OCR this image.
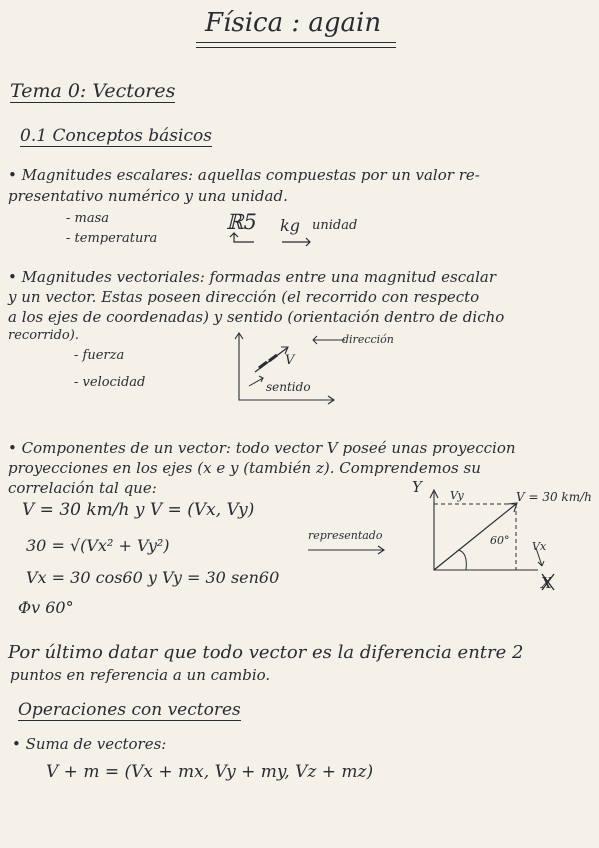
Física : again
Tema 0: Vectores
0.1 Conceptos básicos
• Magnitudes escalares: aquellas compuestas por un valor re-
presentativo numérico y una unidad.
- masa
- temperatura
ℝ5 kg unidad
• Magnitudes vectoriales: formadas entre una magnitud escalar
y un vector. Estas poseen dirección (el recorrido con respecto
a los ejes de coordenadas) y sentido (orientación dentro de dicho
recorrido).
- fuerza
- velocidad
V
dirección
sentido
• Componentes de un vector: todo vector V poseé unas proyeccion
proyecciones en los ejes (x e y (también z). Comprendemos su
correlación tal que:
V = 30 km/h y V = (Vx, Vy)
30 = √(Vx² + Vy²)
Vx = 30 cos60 y Vy = 30 sen60
Φv 60°
representado
Y
X
Vy
Vx
V = 30 km/h
60°
Por último datar que todo vector es la diferencia entre 2
puntos en referencia a un cambio.
Operaciones con vectores
• Suma de vectores:
V + m = (Vx + mx, Vy + my, Vz + mz)
